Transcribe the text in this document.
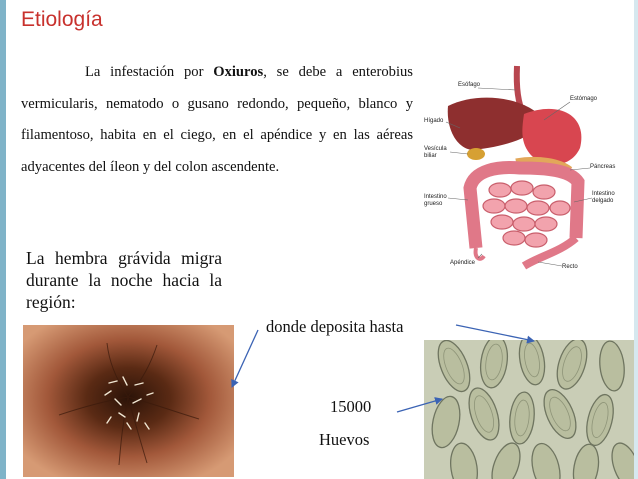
Etiología
La infestación por Oxiuros, se debe a enterobius vermicularis, nematodo o gusano redondo, pequeño, blanco y filamentoso, habita en el ciego, en el apéndice y en las aéreas adyacentes del íleon y del colon ascendente.
La hembra grávida migra durante la noche hacia la región:
donde deposita hasta
15000
Huevos
Esófago
Estómago
Hígado
Vesícula
biliar
Páncreas
Intestino
grueso
Intestino
delgado
Apéndice
Recto
